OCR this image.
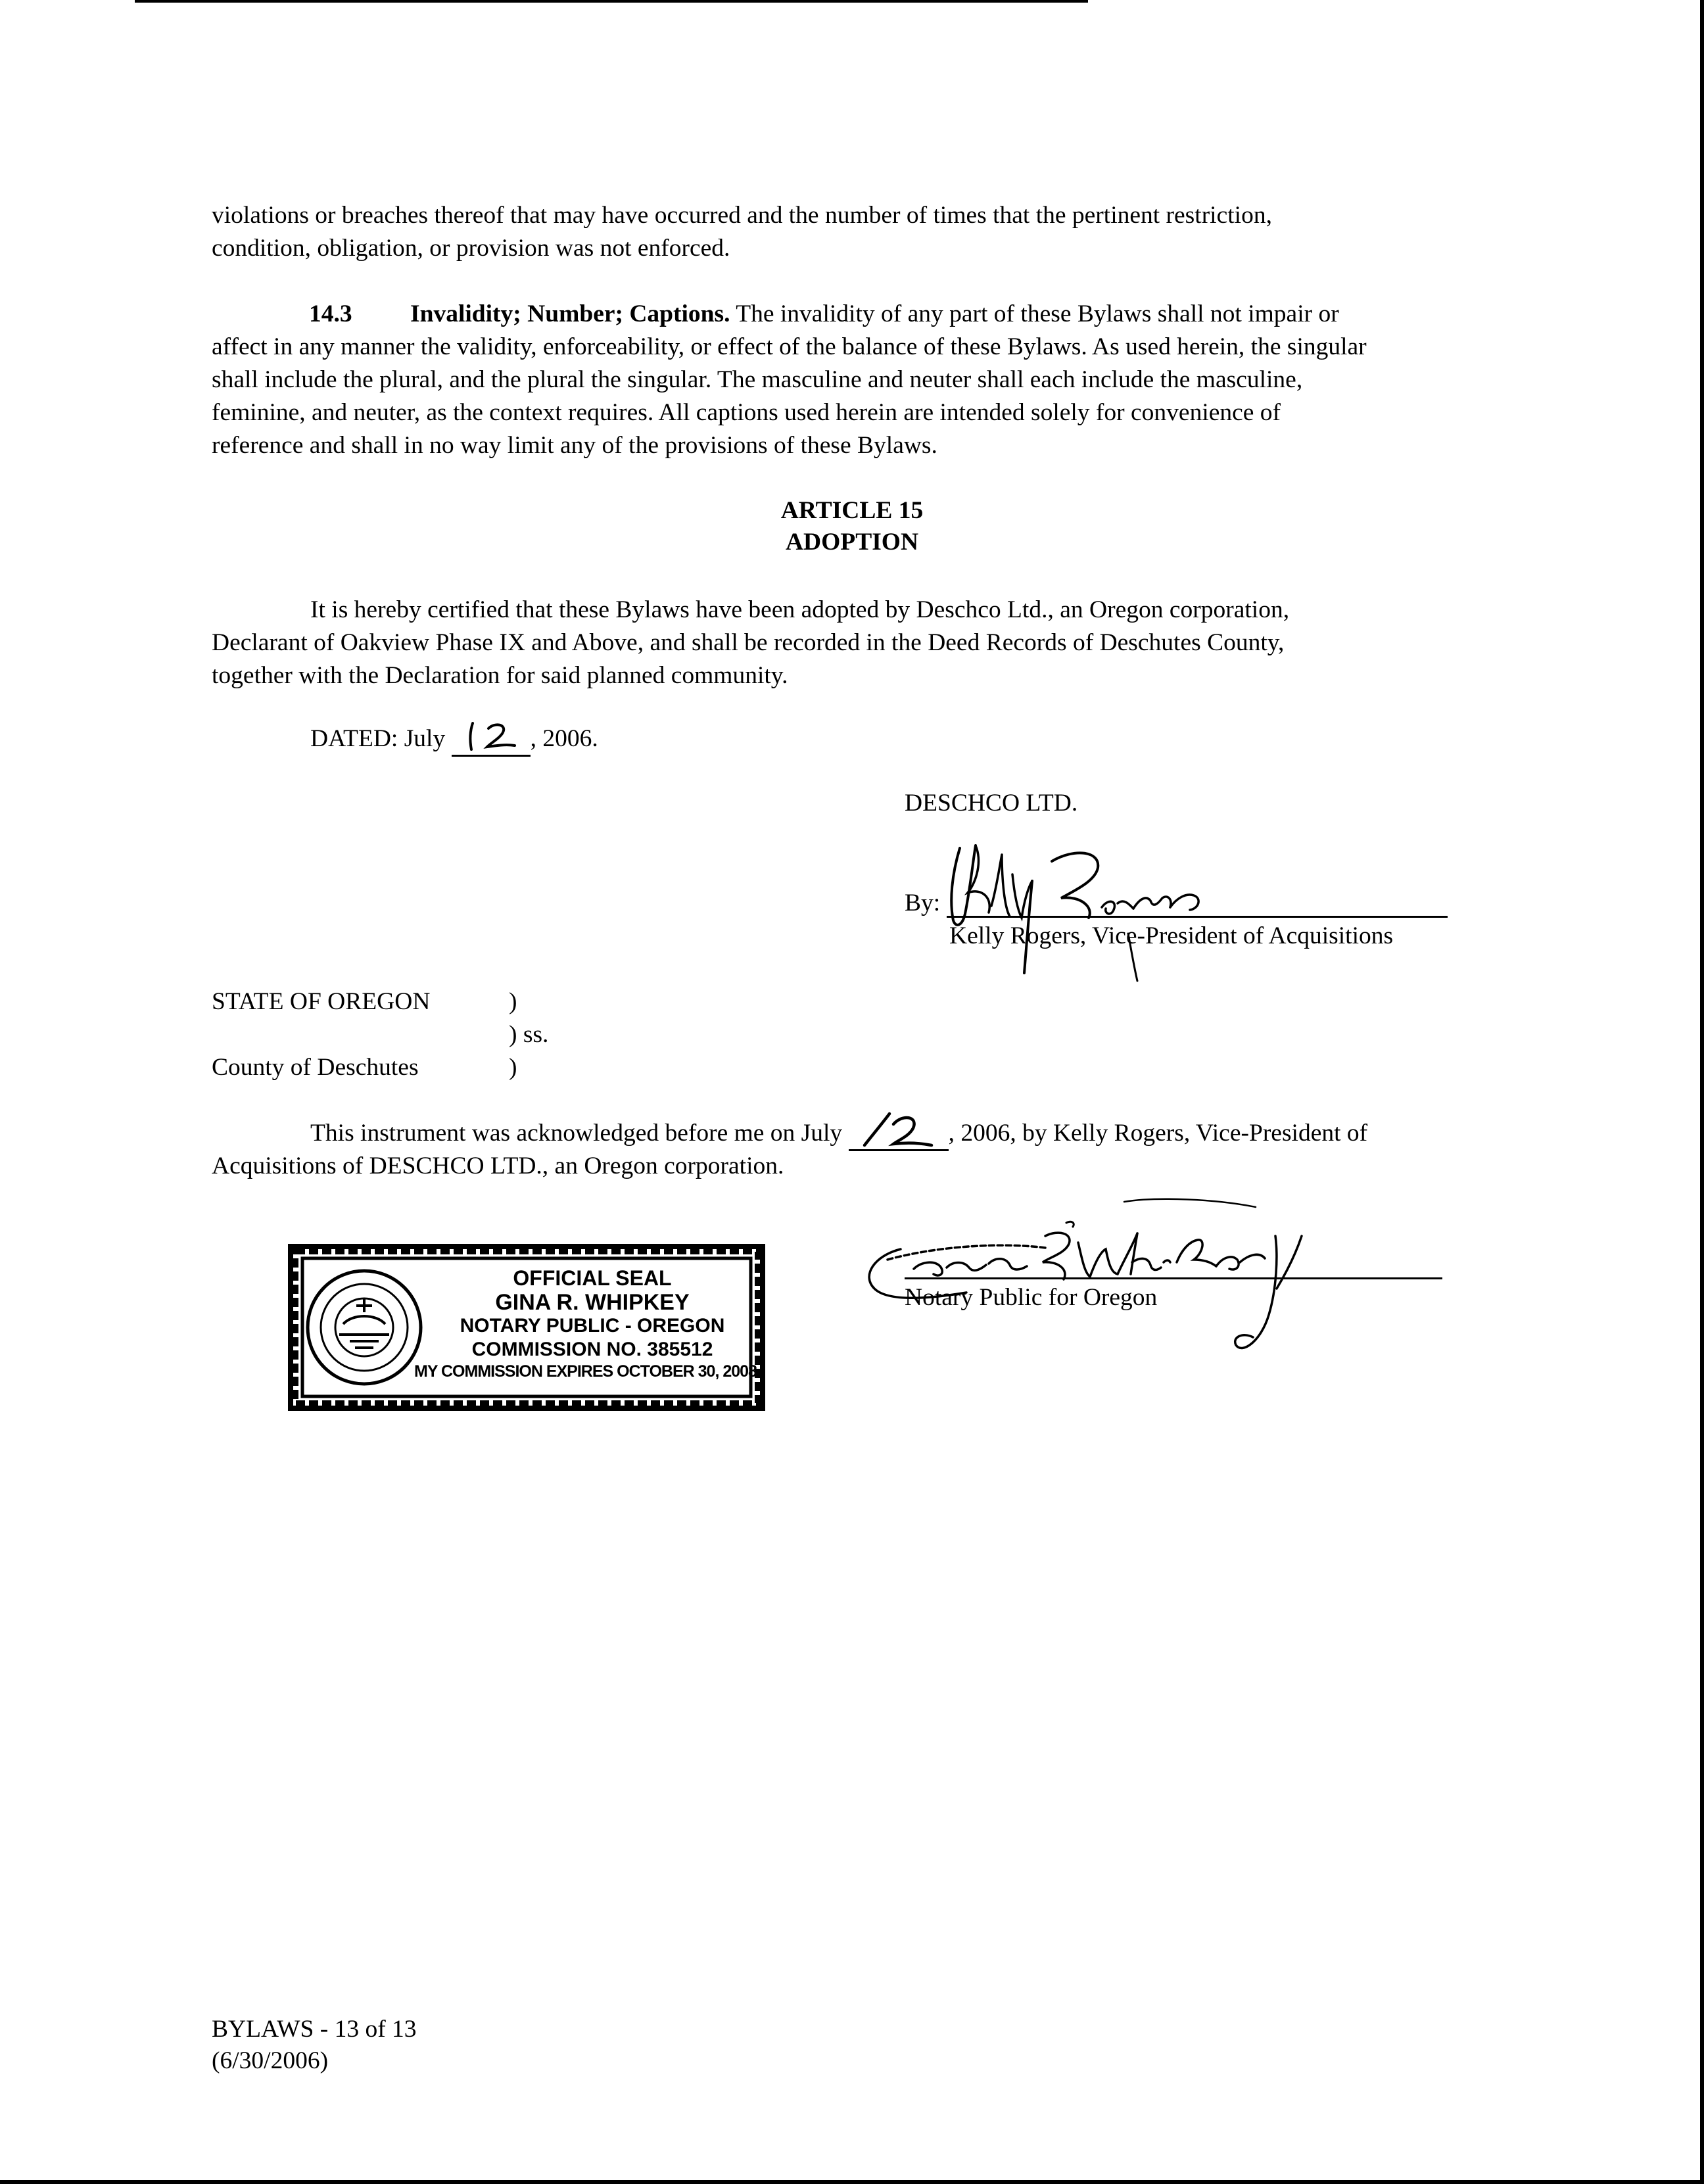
violations or breaches thereof that may have occurred and the number of times that the pertinent restriction,
condition, obligation, or provision was not enforced.
14.3 Invalidity; Number; Captions. The invalidity of any part of these Bylaws shall not impair or
affect in any manner the validity, enforceability, or effect of the balance of these Bylaws. As used herein, the singular
shall include the plural, and the plural the singular. The masculine and neuter shall each include the masculine,
feminine, and neuter, as the context requires. All captions used herein are intended solely for convenience of
reference and shall in no way limit any of the provisions of these Bylaws.
ARTICLE 15
ADOPTION
It is hereby certified that these Bylaws have been adopted by Deschco Ltd., an Oregon corporation,
Declarant of Oakview Phase IX and Above, and shall be recorded in the Deed Records of Deschutes County,
together with the Declaration for said planned community.
DATED: July	, 2006.
DESCHCO LTD.
By:
Kelly Rogers, Vice-President of Acquisitions
STATE OF OREGON	)
) ss.
County of Deschutes	)
This instrument was acknowledged before me on July	, 2006, by Kelly Rogers, Vice-President of
Acquisitions of DESCHCO LTD., an Oregon corporation.
OFFICIAL SEAL
GINA R. WHIPKEY
NOTARY PUBLIC - OREGON
COMMISSION NO. 385512
MY COMMISSION EXPIRES OCTOBER 30, 2008
Notary Public for Oregon
BYLAWS - 13 of 13
(6/30/2006)
